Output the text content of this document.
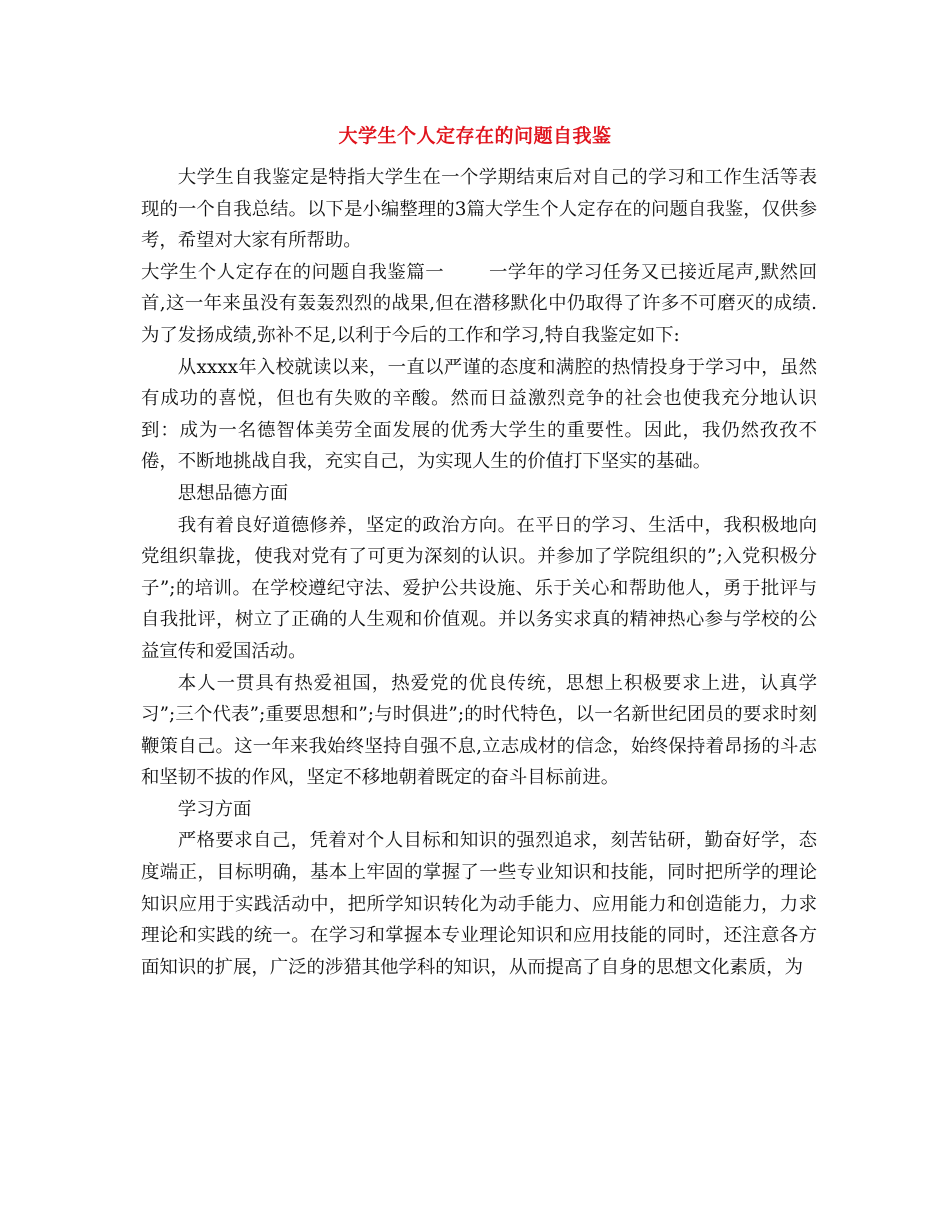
大学生个人定存在的问题自我鉴

大学生自我鉴定是特指大学生在一个学期结束后对自己的学习和工作生活等表现的一个自我总结。以下是小编整理的3篇大学生个人定存在的问题自我鉴，仅供参考，希望对大家有所帮助。

大学生个人定存在的问题自我鉴篇一 一学年的学习任务又已接近尾声,默然回首,这一年来虽没有轰轰烈烈的战果,但在潜移默化中仍取得了许多不可磨灭的成绩.为了发扬成绩,弥补不足,以利于今后的工作和学习,特自我鉴定如下:

从xxxx年入校就读以来，一直以严谨的态度和满腔的热情投身于学习中，虽然有成功的喜悦，但也有失败的辛酸。然而日益激烈竞争的社会也使我充分地认识到：成为一名德智体美劳全面发展的优秀大学生的重要性。因此，我仍然孜孜不倦，不断地挑战自我，充实自己，为实现人生的价值打下坚实的基础。

思想品德方面

我有着良好道德修养，坚定的政治方向。在平日的学习、生活中，我积极地向党组织靠拢，使我对党有了可更为深刻的认识。并参加了学院组织的”;入党积极分子”;的培训。在学校遵纪守法、爱护公共设施、乐于关心和帮助他人，勇于批评与自我批评，树立了正确的人生观和价值观。并以务实求真的精神热心参与学校的公益宣传和爱国活动。

本人一贯具有热爱祖国，热爱党的优良传统，思想上积极要求上进，认真学习”;三个代表”;重要思想和”;与时俱进”;的时代特色，以一名新世纪团员的要求时刻鞭策自己。这一年来我始终坚持自强不息,立志成材的信念，始终保持着昂扬的斗志和坚韧不拔的作风，坚定不移地朝着既定的奋斗目标前进。

学习方面

严格要求自己，凭着对个人目标和知识的强烈追求，刻苦钻研，勤奋好学，态度端正，目标明确，基本上牢固的掌握了一些专业知识和技能，同时把所学的理论知识应用于实践活动中，把所学知识转化为动手能力、应用能力和创造能力，力求理论和实践的统一。在学习和掌握本专业理论知识和应用技能的同时，还注意各方面知识的扩展，广泛的涉猎其他学科的知识，从而提高了自身的思想文化素质，为
